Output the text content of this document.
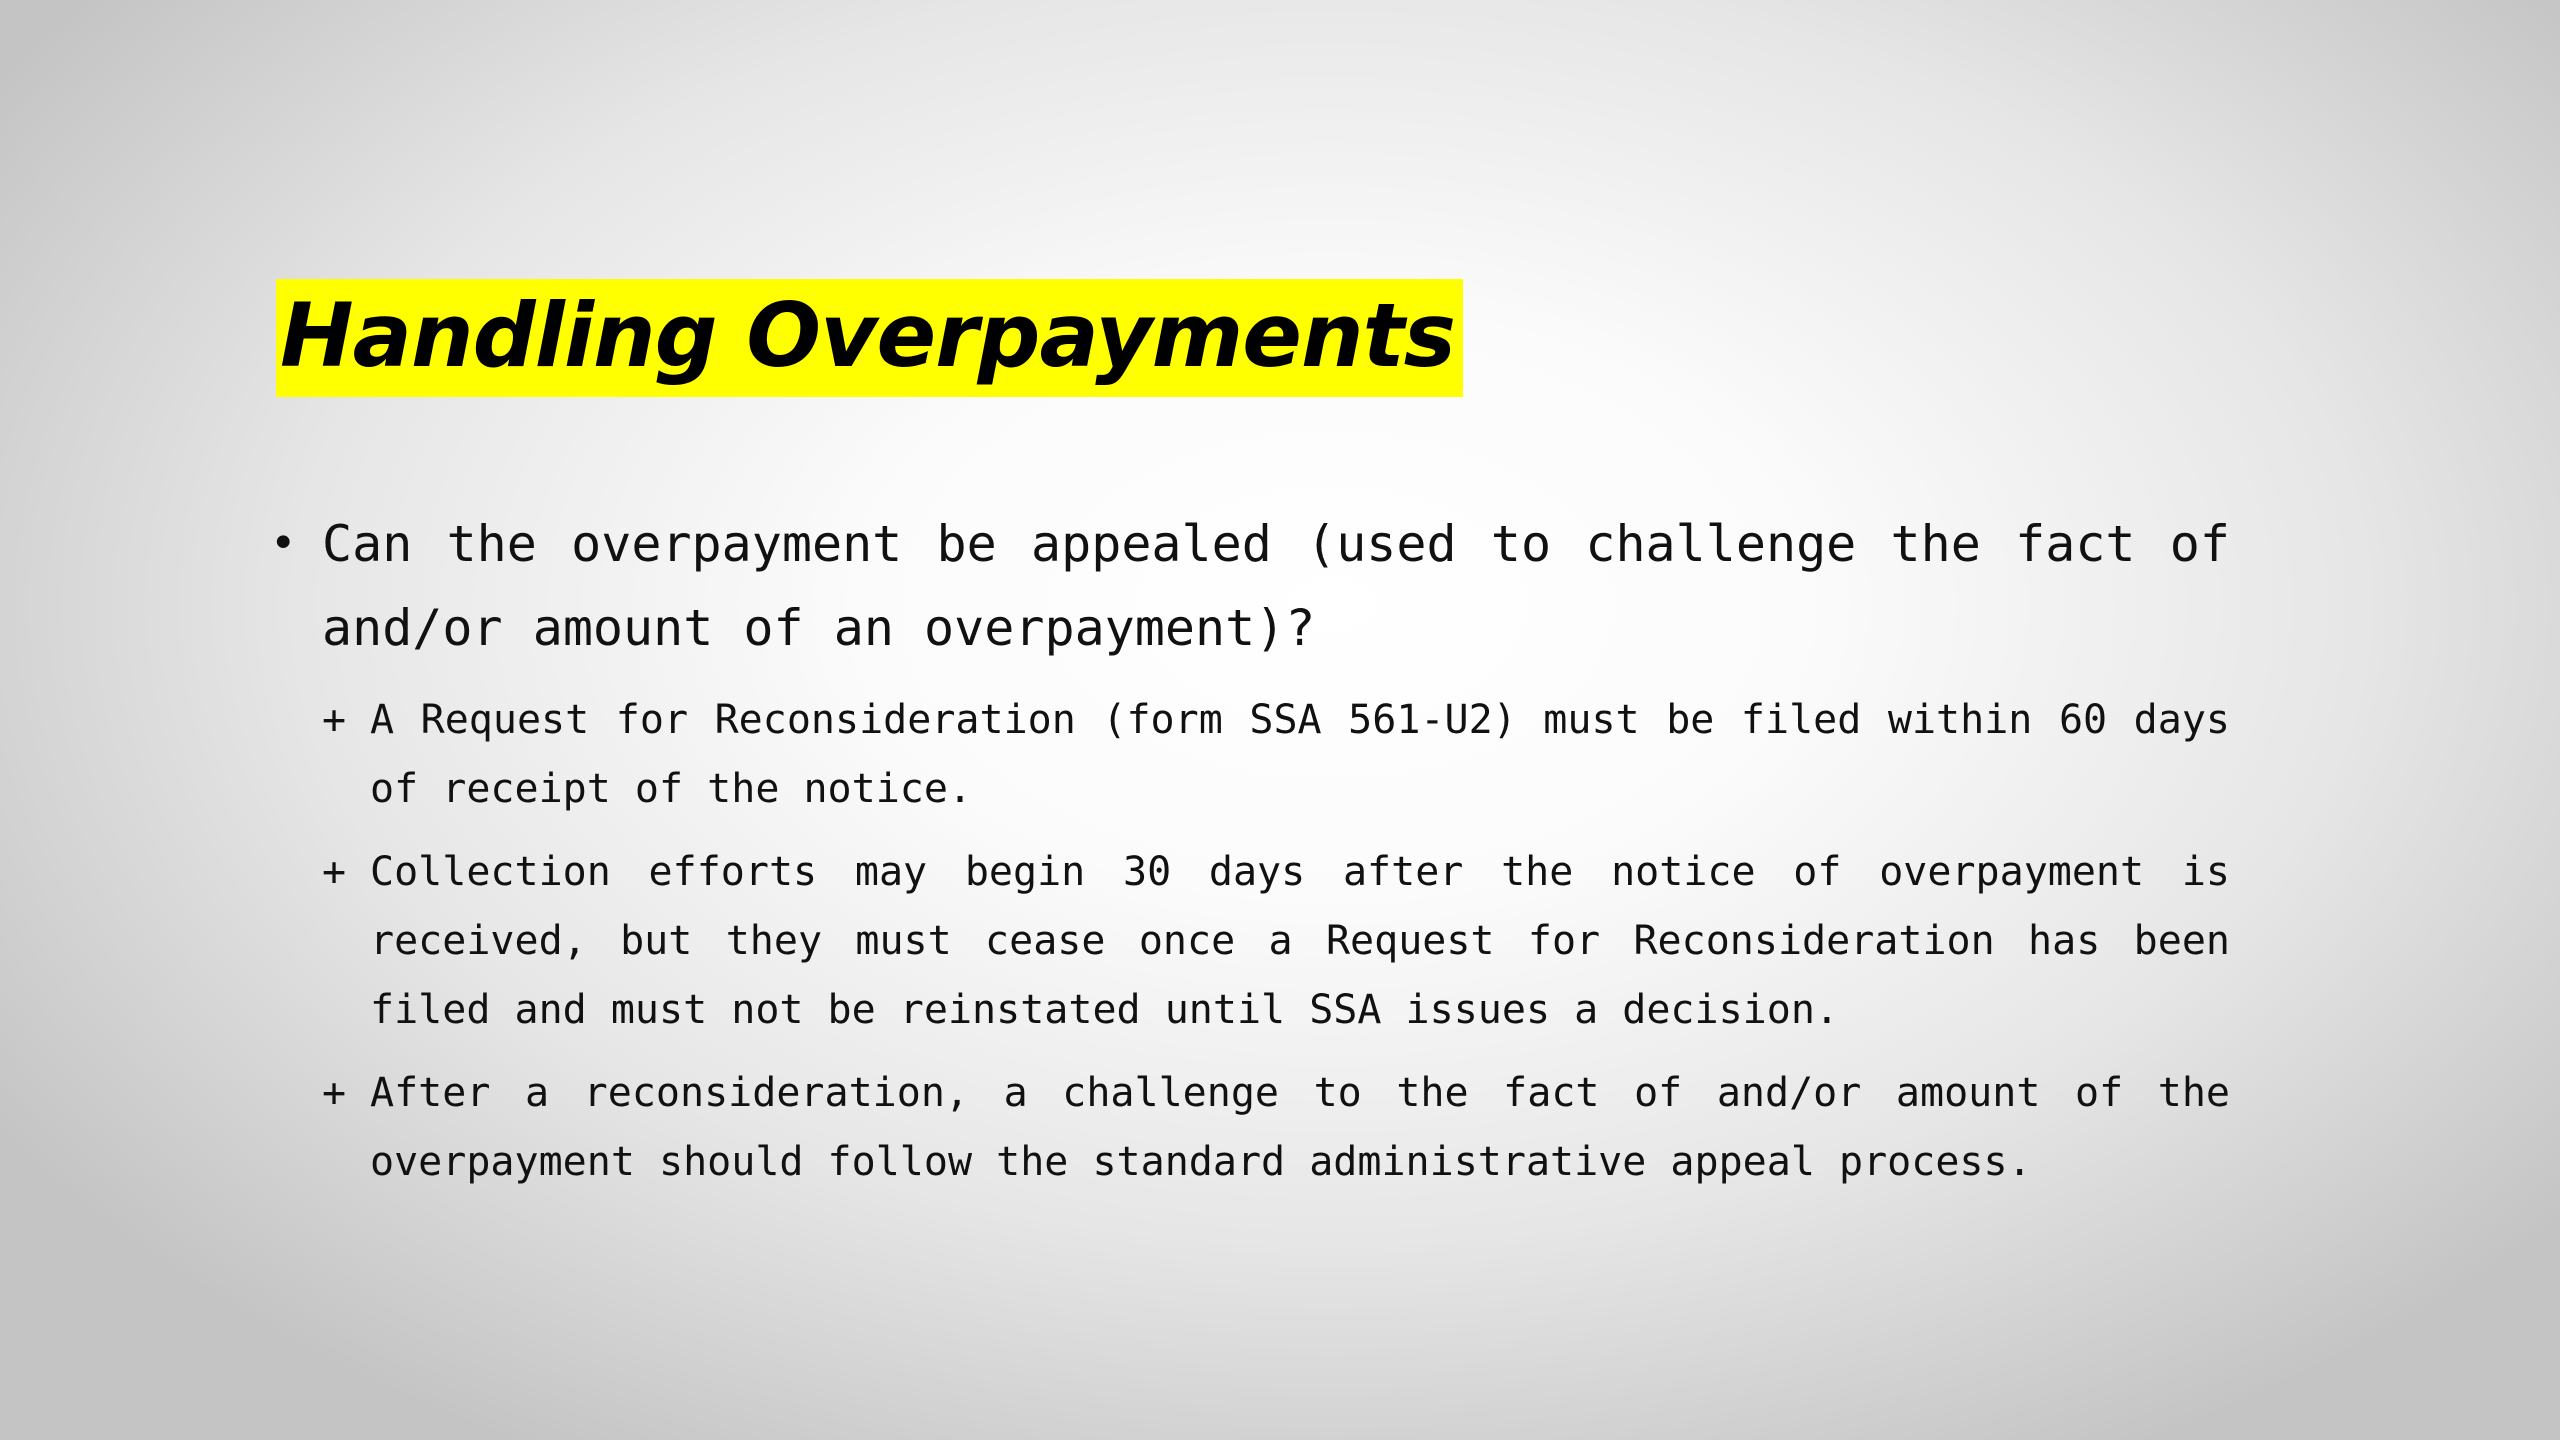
Handling Overpayments
• Can the overpayment be appealed (used to challenge the fact of and/or amount of an overpayment)?
+ A Request for Reconsideration (form SSA 561-U2) must be filed within 60 days of receipt of the notice.
+ Collection efforts may begin 30 days after the notice of overpayment is received, but they must cease once a Request for Reconsideration has been filed and must not be reinstated until SSA issues a decision.
+ After a reconsideration, a challenge to the fact of and/or amount of the overpayment should follow the standard administrative appeal process.
